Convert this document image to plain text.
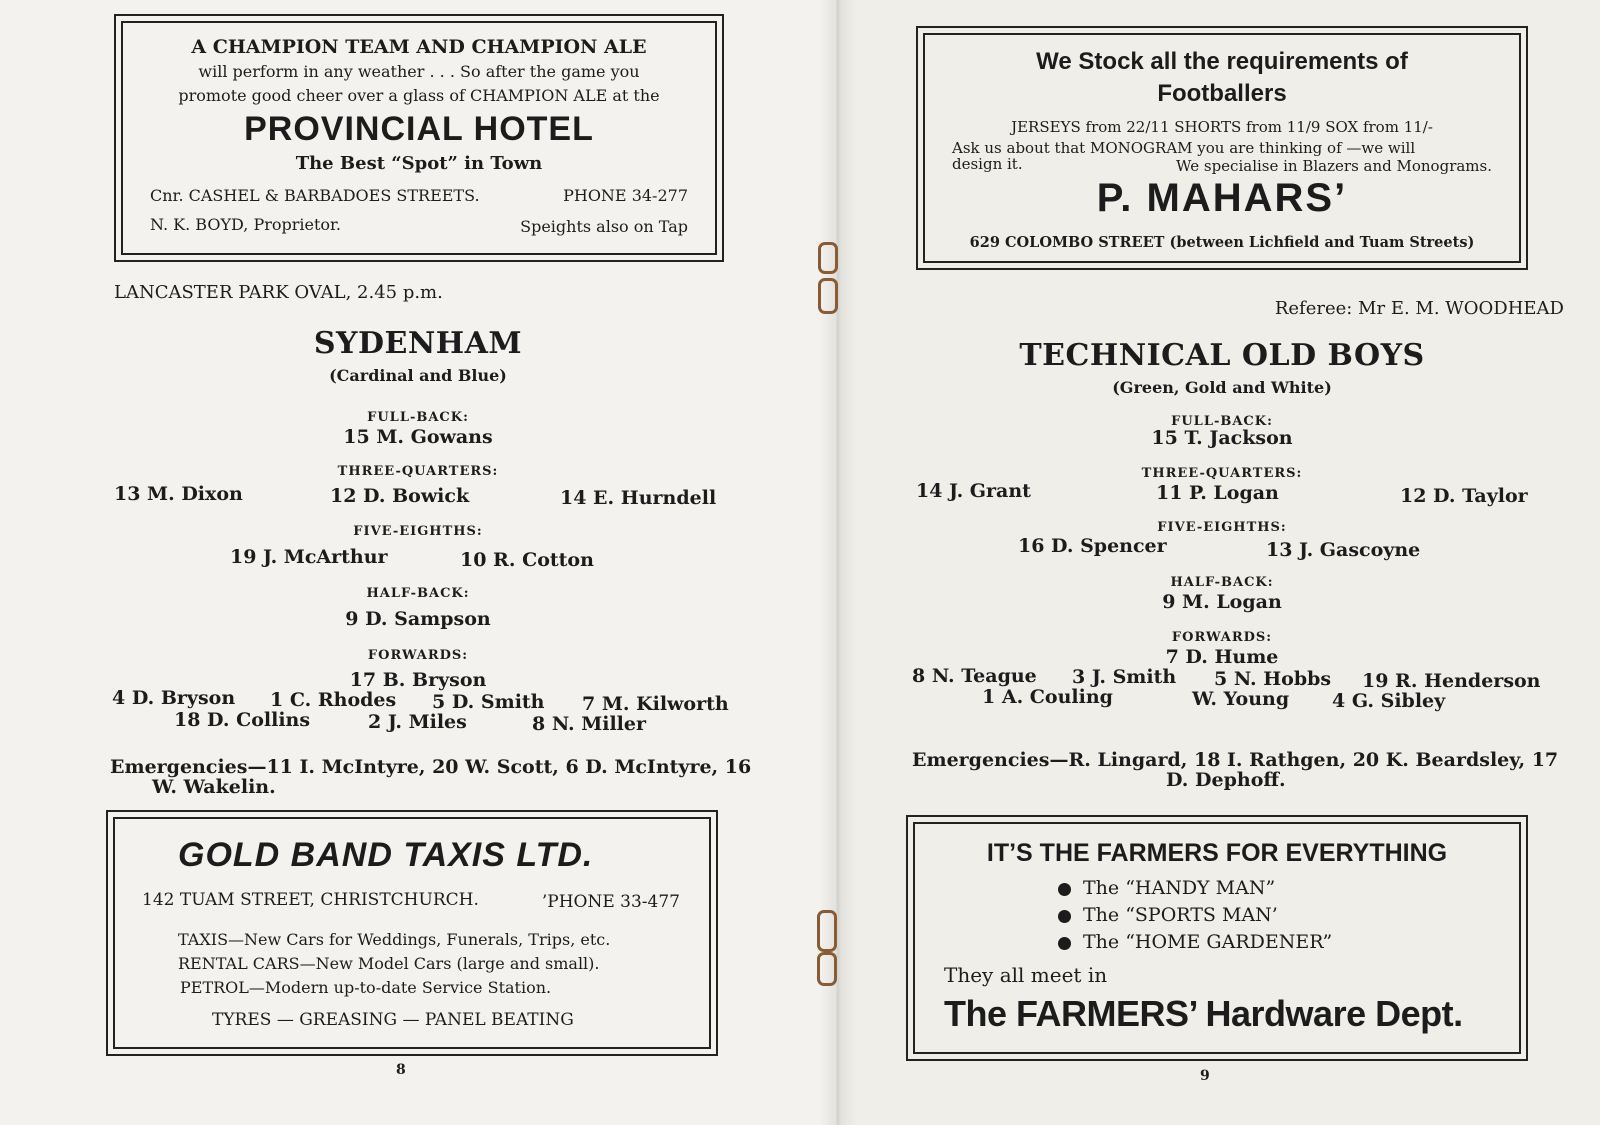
A CHAMPION TEAM AND CHAMPION ALE
will perform in any weather . . . So after the game you
promote good cheer over a glass of CHAMPION ALE at the
PROVINCIAL HOTEL
The Best “Spot” in Town
Cnr. CASHEL & BARBADOES STREETS.	PHONE 34-277
N. K. BOYD, Proprietor.	Speights also on Tap
LANCASTER PARK OVAL, 2.45 p.m.
SYDENHAM
(Cardinal and Blue)
FULL-BACK:
15 M. Gowans
THREE-QUARTERS:
13 M. Dixon	12 D. Bowick	14 E. Hurndell
FIVE-EIGHTHS:
19 J. McArthur	10 R. Cotton
HALF-BACK:
9 D. Sampson
FORWARDS:
17 B. Bryson
4 D. Bryson 1 C. Rhodes 5 D. Smith 7 M. Kilworth
18 D. Collins	2 J. Miles	8 N. Miller
Emergencies—11 I. McIntyre, 20 W. Scott, 6 D. McIntyre, 16
W. Wakelin.
GOLD BAND TAXIS LTD.
142 TUAM STREET, CHRISTCHURCH.	’PHONE 33-477
TAXIS—New Cars for Weddings, Funerals, Trips, etc.
RENTAL CARS—New Model Cars (large and small).
PETROL—Modern up-to-date Service Station.
TYRES — GREASING — PANEL BEATING
8
We Stock all the requirements of
Footballers
JERSEYS from 22/11 SHORTS from 11/9 SOX from 11/-
Ask us about that MONOGRAM you are thinking of —we will
design it.	We specialise in Blazers and Monograms.
P. MAHARS’
629 COLOMBO STREET (between Lichfield and Tuam Streets)
Referee: Mr E. M. WOODHEAD
TECHNICAL OLD BOYS
(Green, Gold and White)
FULL-BACK:
15 T. Jackson
THREE-QUARTERS:
14 J. Grant	11 P. Logan	12 D. Taylor
FIVE-EIGHTHS:
16 D. Spencer	13 J. Gascoyne
HALF-BACK:
9 M. Logan
FORWARDS:
7 D. Hume
8 N. Teague 3 J. Smith 5 N. Hobbs 19 R. Henderson
1 A. Couling	W. Young 4 G. Sibley
Emergencies—R. Lingard, 18 I. Rathgen, 20 K. Beardsley, 17
D. Dephoff.
IT’S THE FARMERS FOR EVERYTHING
The “HANDY MAN”
The “SPORTS MAN’
The “HOME GARDENER”
They all meet in
The FARMERS’ Hardware Dept.
9
